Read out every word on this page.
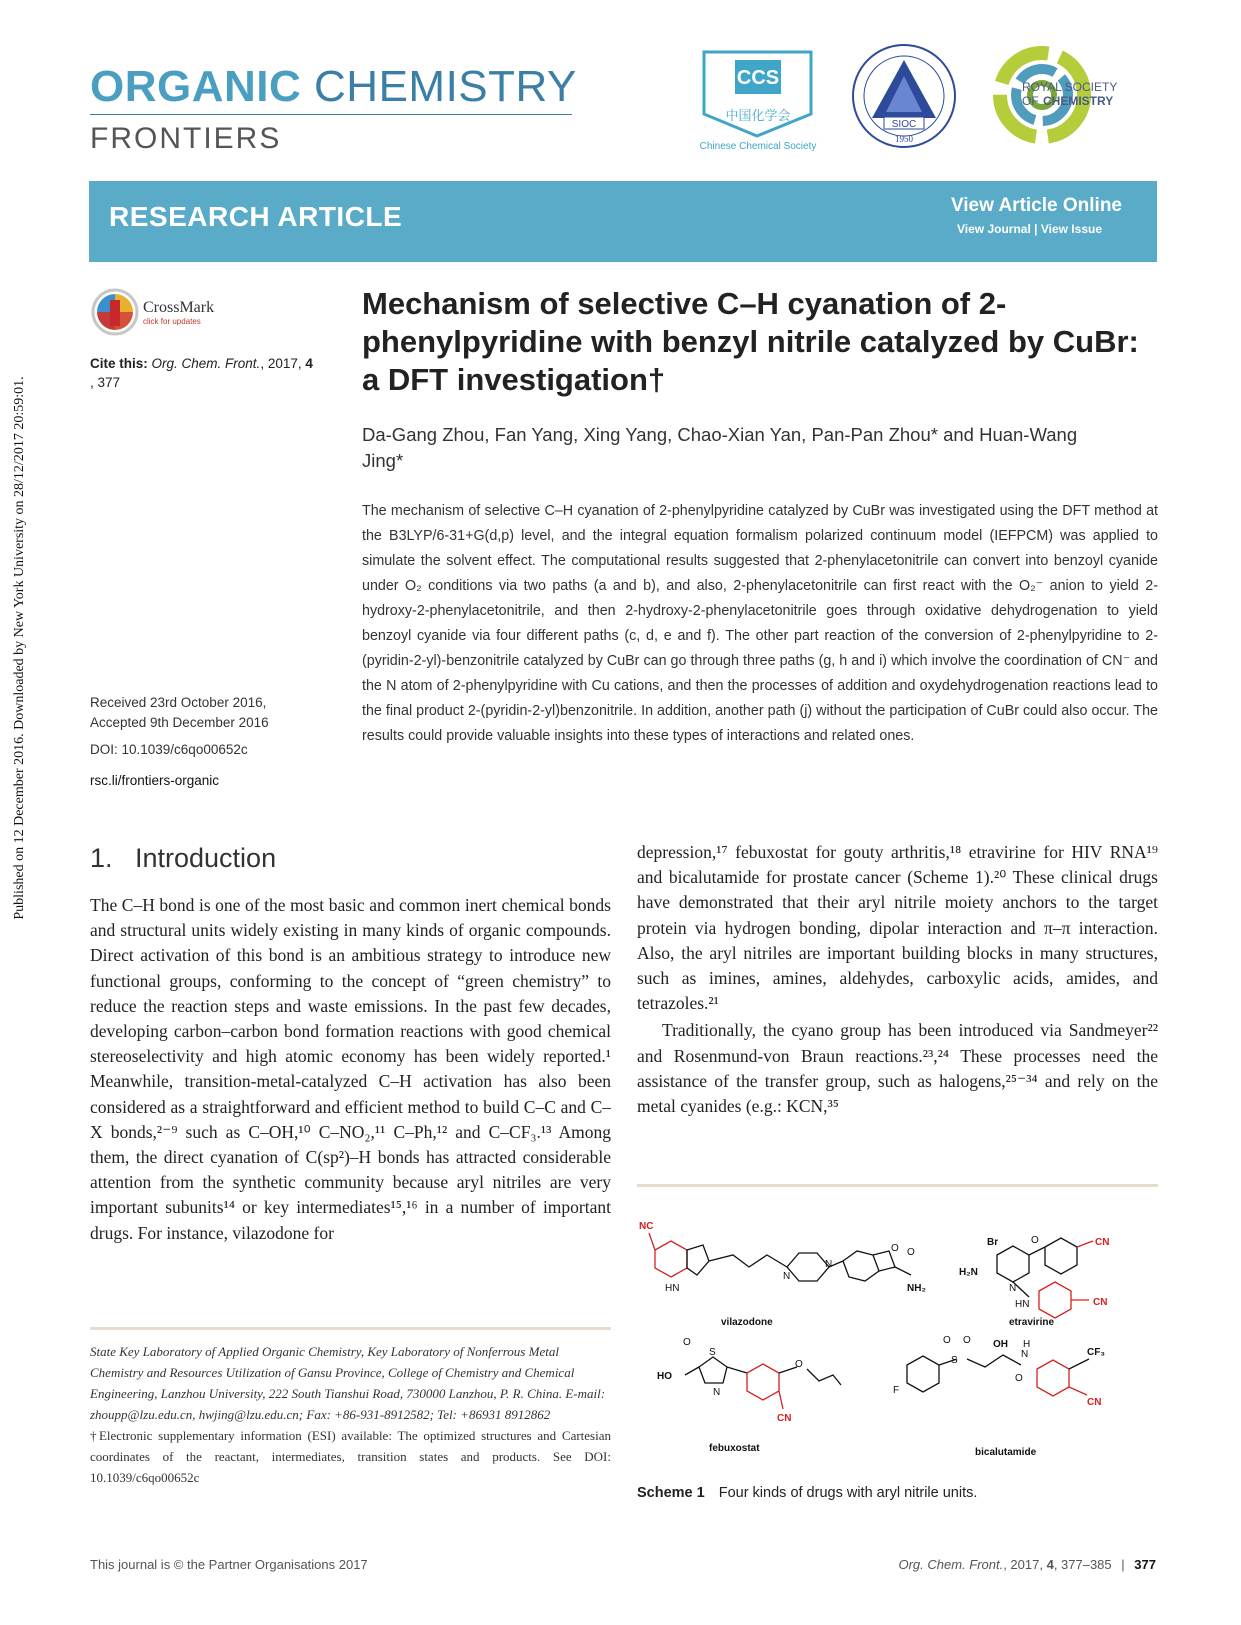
Published on 12 December 2016. Downloaded by New York University on 28/12/2017 20:59:01.
ORGANIC CHEMISTRY
FRONTIERS
CCS
中国化学会
Chinese Chemical Society
SIOC
1950
ROYAL SOCIETY
OF CHEMISTRY
RESEARCH ARTICLE	View Article Online
View Journal | View Issue
CrossMark
click for updates
Cite this: Org. Chem. Front., 2017, 4
, 377
Received 23rd October 2016,
Accepted 9th December 2016
DOI: 10.1039/c6qo00652c
rsc.li/frontiers-organic
Mechanism of selective C–H cyanation of 2-phenylpyridine with benzyl nitrile catalyzed by CuBr: a DFT investigation†
Da-Gang Zhou, Fan Yang, Xing Yang, Chao-Xian Yan, Pan-Pan Zhou* and Huan-Wang Jing*
The mechanism of selective C–H cyanation of 2-phenylpyridine catalyzed by CuBr was investigated using the DFT method at the B3LYP/6-31+G(d,p) level, and the integral equation formalism polarized continuum model (IEFPCM) was applied to simulate the solvent effect. The computational results suggested that 2-phenylacetonitrile can convert into benzoyl cyanide under O₂ conditions via two paths (a and b), and also, 2-phenylacetonitrile can first react with the O₂⁻ anion to yield 2-hydroxy-2-phenylacetonitrile, and then 2-hydroxy-2-phenylacetonitrile goes through oxidative dehydrogenation to yield benzoyl cyanide via four different paths (c, d, e and f). The other part reaction of the conversion of 2-phenylpyridine to 2-(pyridin-2-yl)-benzonitrile catalyzed by CuBr can go through three paths (g, h and i) which involve the coordination of CN⁻ and the N atom of 2-phenylpyridine with Cu cations, and then the processes of addition and oxydehydrogenation reactions lead to the final product 2-(pyridin-2-yl)benzonitrile. In addition, another path (j) without the participation of CuBr could also occur. The results could provide valuable insights into these types of interactions and related ones.
1. Introduction

The C–H bond is one of the most basic and common inert chemical bonds and structural units widely existing in many kinds of organic compounds. Direct activation of this bond is an ambitious strategy to introduce new functional groups, conforming to the concept of “green chemistry” to reduce the reaction steps and waste emissions. In the past few decades, developing carbon–carbon bond formation reactions with good chemical stereoselectivity and high atomic economy has been widely reported.¹ Meanwhile, transition-metal-catalyzed C–H activation has also been considered as a straightforward and efficient method to build C–C and C–X bonds,²⁻⁹ such as C–OH,¹⁰ C–NO₂,¹¹ C–Ph,¹² and C–CF₃.¹³ Among them, the direct cyanation of C(sp²)–H bonds has attracted considerable attention from the synthetic community because aryl nitriles are very important subunits¹⁴ or key intermediates¹⁵,¹⁶ in a number of important drugs. For instance, vilazodone for

depression,¹⁷ febuxostat for gouty arthritis,¹⁸ etravirine for HIV RNA¹⁹ and bicalutamide for prostate cancer (Scheme 1).²⁰ These clinical drugs have demonstrated that their aryl nitrile moiety anchors to the target protein via hydrogen bonding, dipolar interaction and π–π interaction. Also, the aryl nitriles are important building blocks in many structures, such as imines, amines, aldehydes, carboxylic acids, amides, and tetrazoles.²¹

Traditionally, the cyano group has been introduced via Sandmeyer²² and Rosenmund-von Braun reactions.²³,²⁴ These processes need the assistance of the transfer group, such as halogens,²⁵⁻³⁴ and rely on the metal cyanides (e.g.: KCN,³⁵

State Key Laboratory of Applied Organic Chemistry, Key Laboratory of Nonferrous Metal Chemistry and Resources Utilization of Gansu Province, College of Chemistry and Chemical Engineering, Lanzhou University, 222 South Tianshui Road, 730000 Lanzhou, P. R. China. E-mail: zhoupp@lzu.edu.cn, hwjing@lzu.edu.cn; Fax: +86-931-8912582; Tel: +86931 8912862

†Electronic supplementary information (ESI) available: The optimized structures and Cartesian coordinates of the reactant, intermediates, transition states and products. See DOI: 10.1039/c6qo00652c

NC
HN
N
N
O O
NH₂
vilazodone
Br	O
H₂N
N
HN
CN
CN
etravirine
O
HO
S
N
O
CN
febuxostat
F
S
O O OH
O
N
H
CF₃
CN
bicalutamide
Scheme 1 Four kinds of drugs with aryl nitrile units.
This journal is © the Partner Organisations 2017	Org. Chem. Front., 2017, 4, 377–385 | 377
